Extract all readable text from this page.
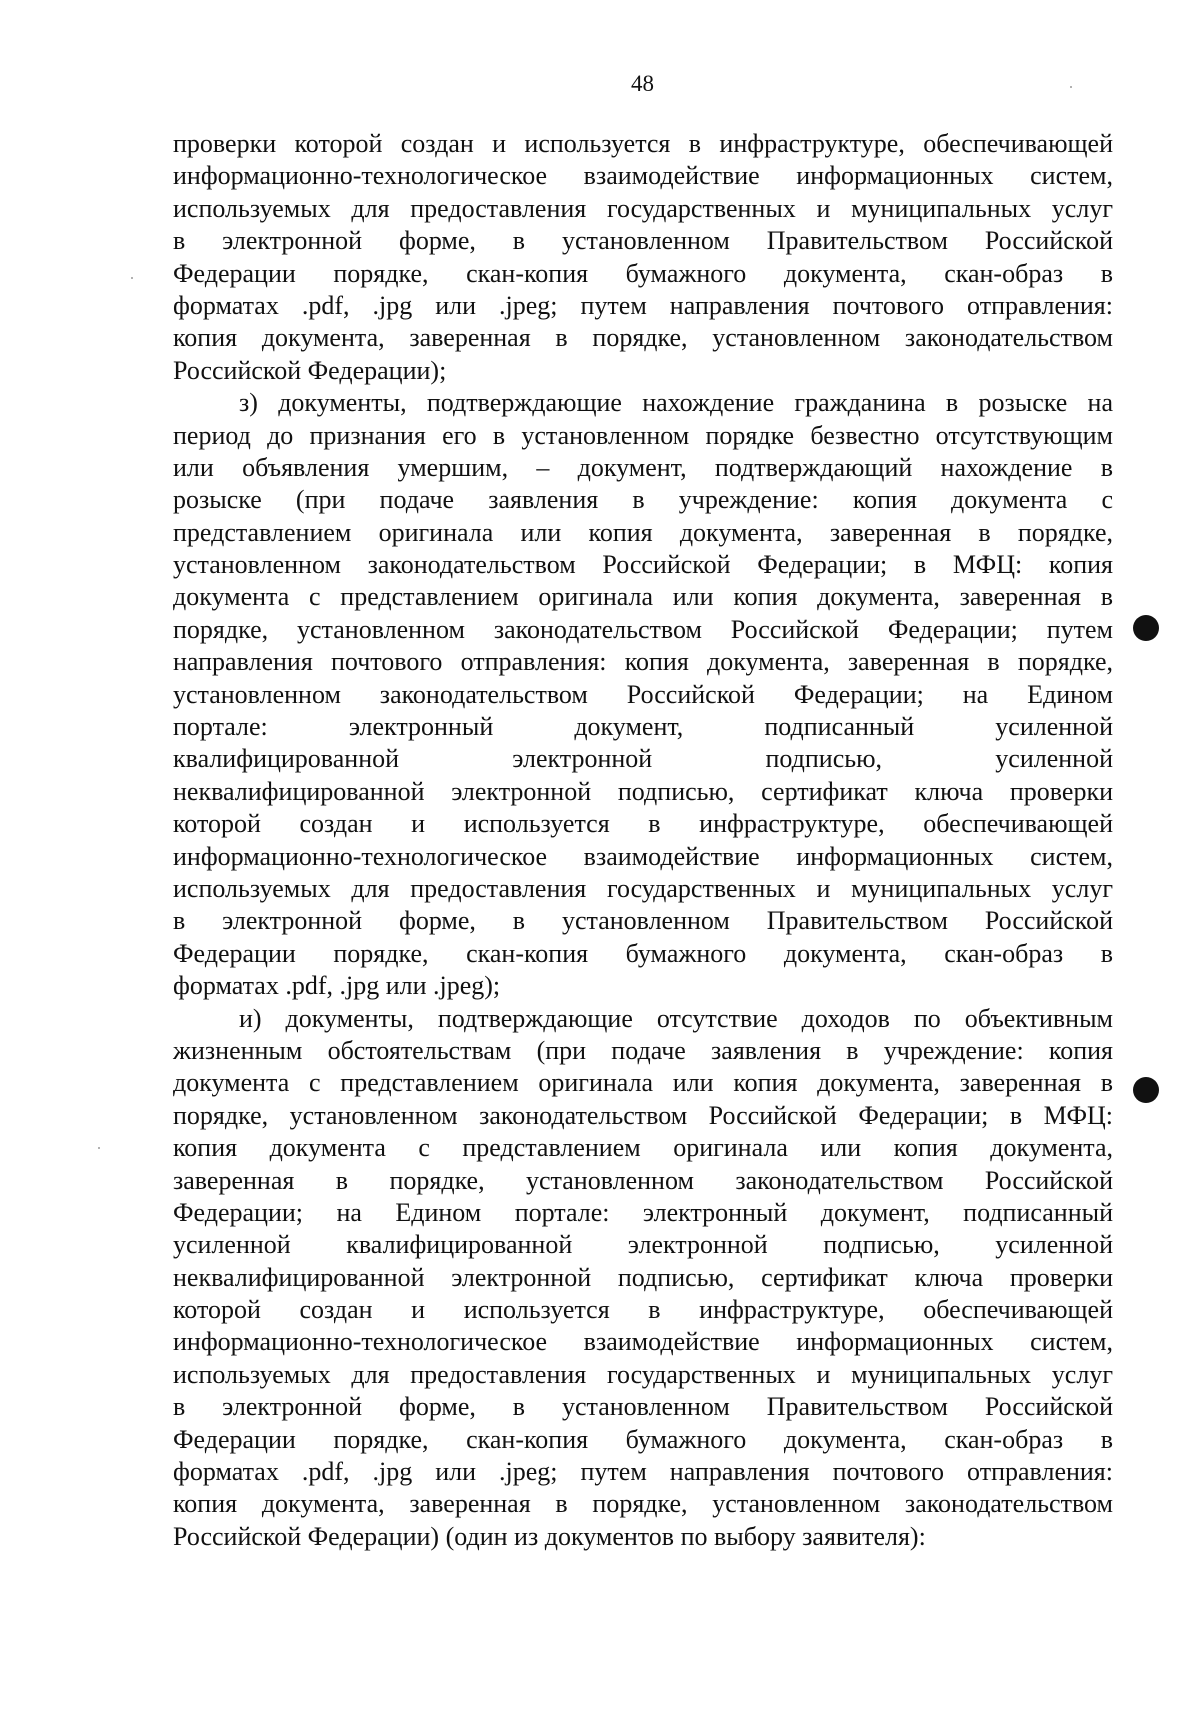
48
проверки которой создан и используется в инфраструктуре, обеспечивающей
информационно-технологическое взаимодействие информационных систем,
используемых для предоставления государственных и муниципальных услуг
в электронной форме, в установленном Правительством Российской
Федерации порядке, скан-копия бумажного документа, скан-образ в
форматах .pdf, .jpg или .jpeg; путем направления почтового отправления:
копия документа, заверенная в порядке, установленном законодательством
Российской Федерации);
з) документы, подтверждающие нахождение гражданина в розыске на
период до признания его в установленном порядке безвестно отсутствующим
или объявления умершим, – документ, подтверждающий нахождение в
розыске (при подаче заявления в учреждение: копия документа с
представлением оригинала или копия документа, заверенная в порядке,
установленном законодательством Российской Федерации; в МФЦ: копия
документа с представлением оригинала или копия документа, заверенная в
порядке, установленном законодательством Российской Федерации; путем
направления почтового отправления: копия документа, заверенная в порядке,
установленном законодательством Российской Федерации; на Едином
портале: электронный документ, подписанный усиленной
квалифицированной электронной подписью, усиленной
неквалифицированной электронной подписью, сертификат ключа проверки
которой создан и используется в инфраструктуре, обеспечивающей
информационно-технологическое взаимодействие информационных систем,
используемых для предоставления государственных и муниципальных услуг
в электронной форме, в установленном Правительством Российской
Федерации порядке, скан-копия бумажного документа, скан-образ в
форматах .pdf, .jpg или .jpeg);
и) документы, подтверждающие отсутствие доходов по объективным
жизненным обстоятельствам (при подаче заявления в учреждение: копия
документа с представлением оригинала или копия документа, заверенная в
порядке, установленном законодательством Российской Федерации; в МФЦ:
копия документа с представлением оригинала или копия документа,
заверенная в порядке, установленном законодательством Российской
Федерации; на Едином портале: электронный документ, подписанный
усиленной квалифицированной электронной подписью, усиленной
неквалифицированной электронной подписью, сертификат ключа проверки
которой создан и используется в инфраструктуре, обеспечивающей
информационно-технологическое взаимодействие информационных систем,
используемых для предоставления государственных и муниципальных услуг
в электронной форме, в установленном Правительством Российской
Федерации порядке, скан-копия бумажного документа, скан-образ в
форматах .pdf, .jpg или .jpeg; путем направления почтового отправления:
копия документа, заверенная в порядке, установленном законодательством
Российской Федерации) (один из документов по выбору заявителя):
